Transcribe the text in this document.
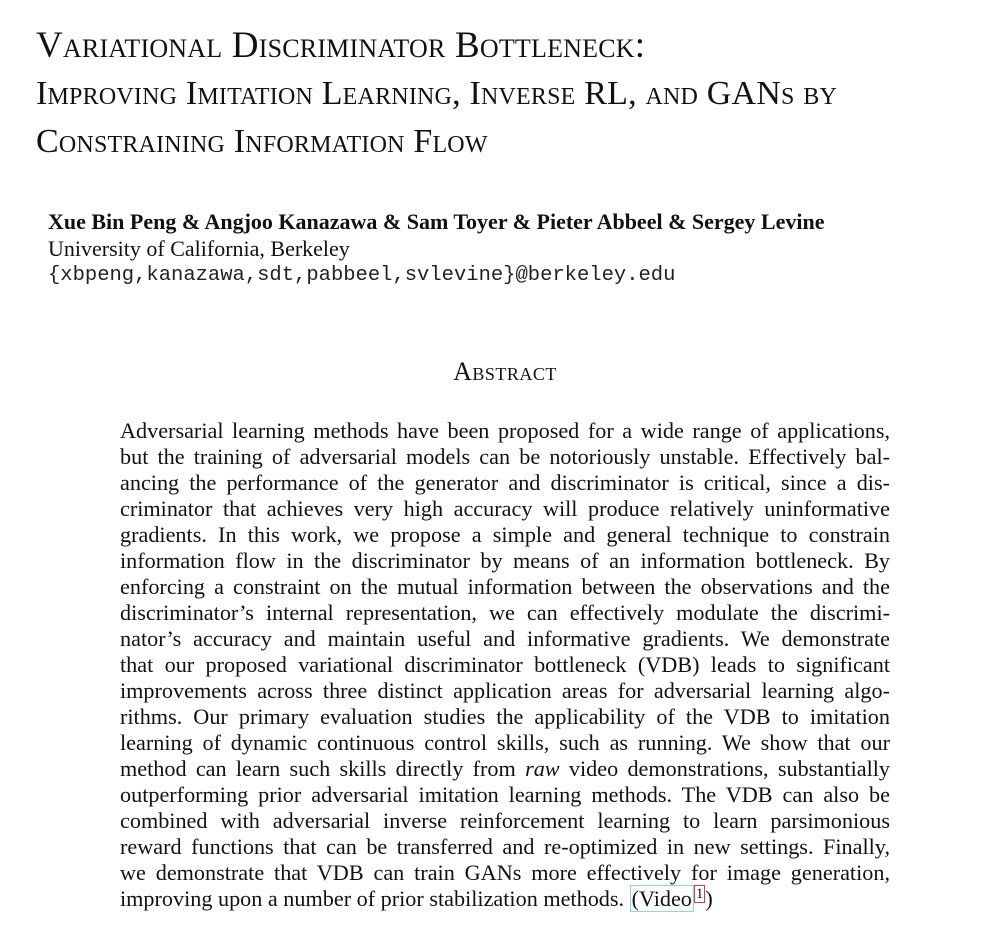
Variational Discriminator Bottleneck:
Improving Imitation Learning, Inverse RL, and GANs by
Constraining Information Flow
Xue Bin Peng & Angjoo Kanazawa & Sam Toyer & Pieter Abbeel & Sergey Levine
University of California, Berkeley
{xbpeng,kanazawa,sdt,pabbeel,svlevine}@berkeley.edu
Abstract
Adversarial learning methods have been proposed for a wide range of applications,
but the training of adversarial models can be notoriously unstable. Effectively bal-
ancing the performance of the generator and discriminator is critical, since a dis-
criminator that achieves very high accuracy will produce relatively uninformative
gradients. In this work, we propose a simple and general technique to constrain
information flow in the discriminator by means of an information bottleneck. By
enforcing a constraint on the mutual information between the observations and the
discriminator’s internal representation, we can effectively modulate the discrimi-
nator’s accuracy and maintain useful and informative gradients. We demonstrate
that our proposed variational discriminator bottleneck (VDB) leads to significant
improvements across three distinct application areas for adversarial learning algo-
rithms. Our primary evaluation studies the applicability of the VDB to imitation
learning of dynamic continuous control skills, such as running. We show that our
method can learn such skills directly from raw video demonstrations, substantially
outperforming prior adversarial imitation learning methods. The VDB can also be
combined with adversarial inverse reinforcement learning to learn parsimonious
reward functions that can be transferred and re-optimized in new settings. Finally,
we demonstrate that VDB can train GANs more effectively for image generation,
improving upon a number of prior stabilization methods. (Video $^1$)
